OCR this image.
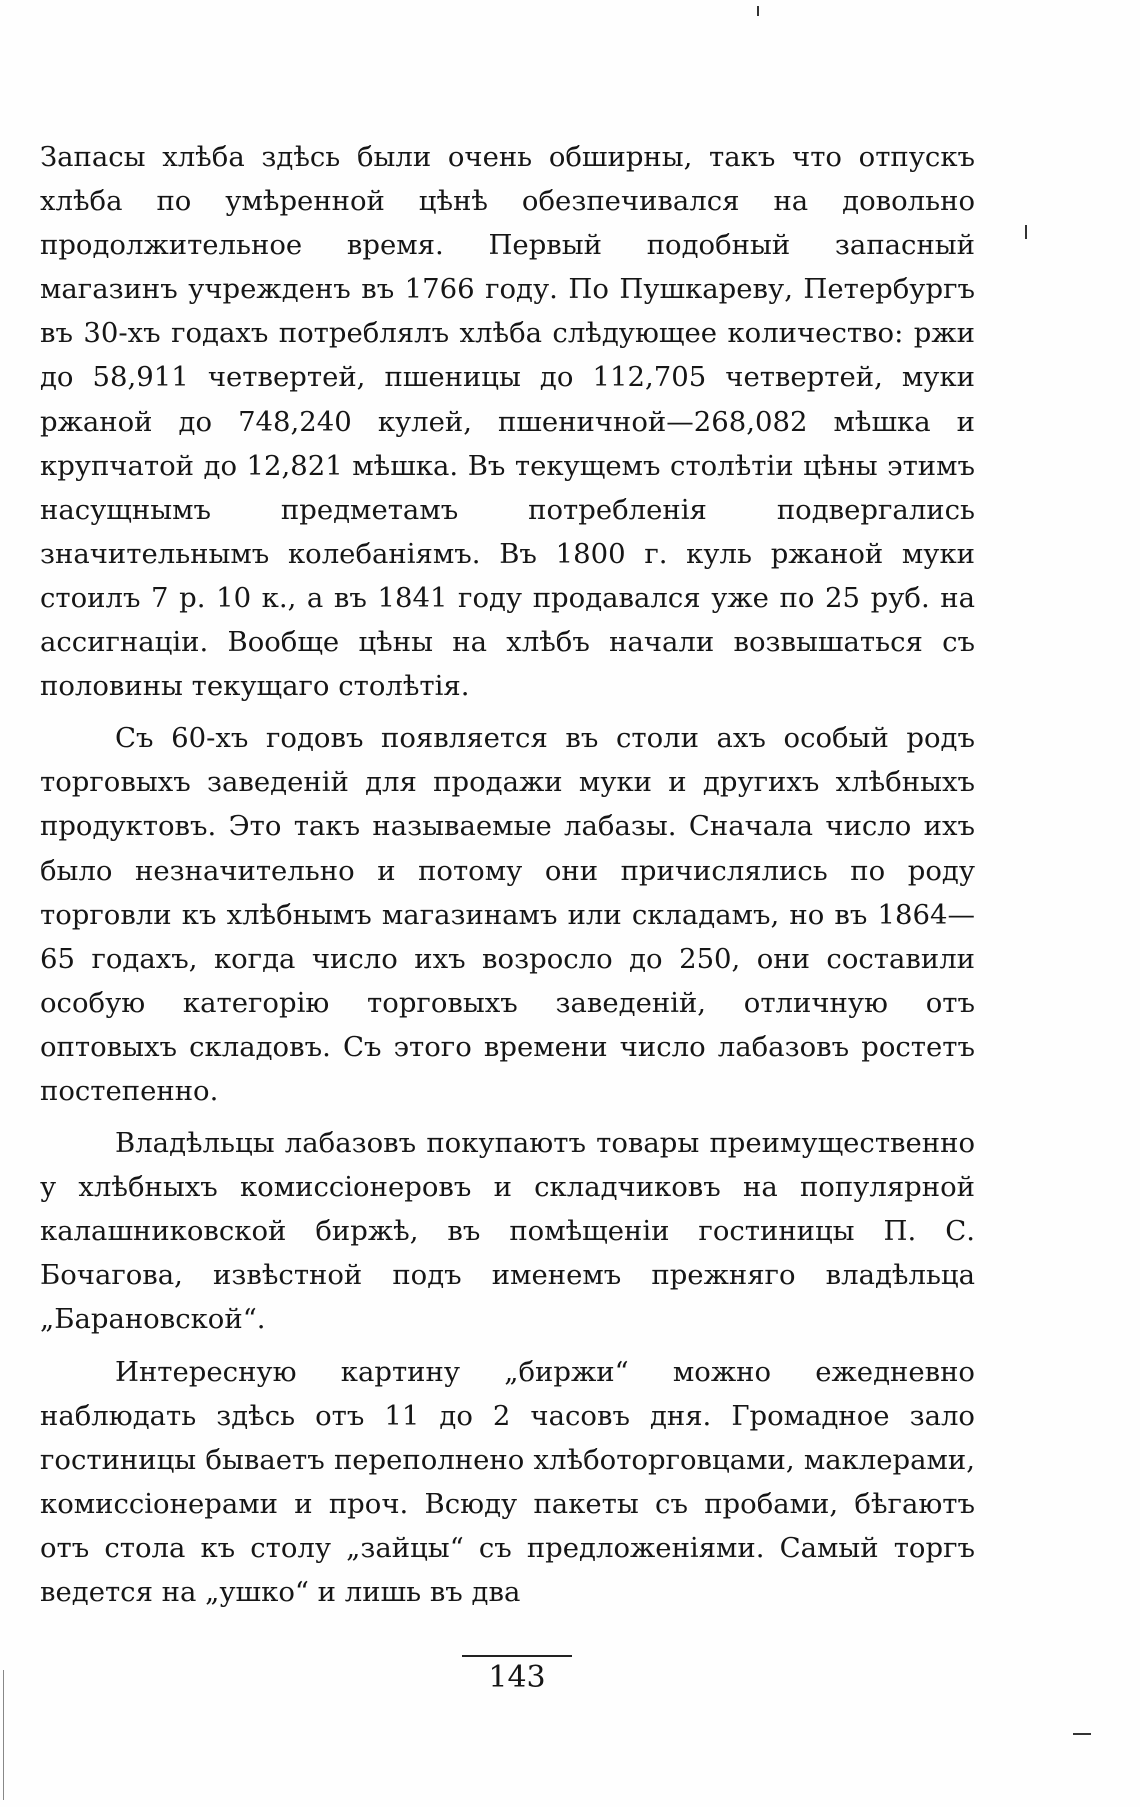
Запасы хлѣба здѣсь были очень обширны, такъ что отпускъ хлѣба по умѣренной цѣнѣ обезпечивался на довольно продолжительное время. Первый подобный запасный магазинъ учрежденъ въ 1766 году. По Пушкареву, Петербургъ въ 30-хъ годахъ потреблялъ хлѣба слѣдующее количество: ржи до 58,911 четвертей, пшеницы до 112,705 четвертей, муки ржаной до 748,240 кулей, пшеничной—268,082 мѣшка и крупчатой до 12,821 мѣшка. Въ текущемъ столѣтіи цѣны этимъ насущнымъ предметамъ потребленія подвергались значительнымъ колебаніямъ. Въ 1800 г. куль ржаной муки стоилъ 7 р. 10 к., а въ 1841 году продавался уже по 25 руб. на ассигнаціи. Вообще цѣны на хлѣбъ начали возвышаться съ половины текущаго столѣтія.

Съ 60-хъ годовъ появляется въ столи ахъ особый родъ торговыхъ заведеній для продажи муки и другихъ хлѣбныхъ продуктовъ. Это такъ называемые лабазы. Сначала число ихъ было незначительно и потому они причислялись по роду торговли къ хлѣбнымъ магазинамъ или складамъ, но въ 1864—65 годахъ, когда число ихъ возросло до 250, они составили особую категорію торговыхъ заведеній, отличную отъ оптовыхъ складовъ. Съ этого времени число лабазовъ ростетъ постепенно.

Владѣльцы лабазовъ покупаютъ товары преимущественно у хлѣбныхъ комиссіонеровъ и складчиковъ на популярной калашниковской биржѣ, въ помѣщеніи гостиницы П. С. Бочагова, извѣстной подъ именемъ прежняго владѣльца „Барановской“.

Интересную картину „биржи“ можно ежедневно наблюдать здѣсь отъ 11 до 2 часовъ дня. Громадное зало гостиницы бываетъ переполнено хлѣботорговцами, маклерами, комиссіонерами и проч. Всюду пакеты съ пробами, бѣгаютъ отъ стола къ столу „зайцы“ съ предложеніями. Самый торгъ ведется на „ушко“ и лишь въ два

143
